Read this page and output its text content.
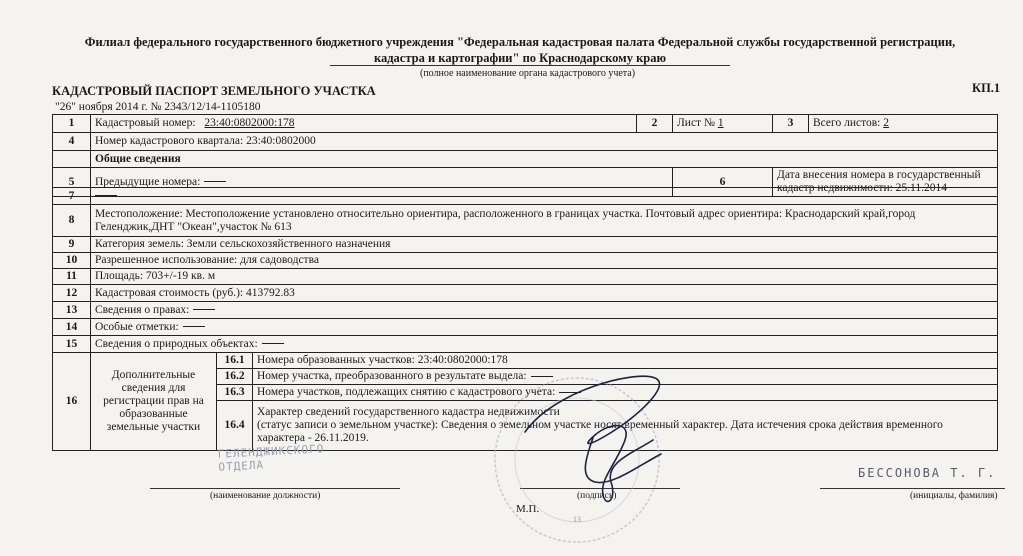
Филиал федерального государственного бюджетного учреждения "Федеральная кадастровая палата Федеральной службы государственной регистрации, кадастра и картографии" по Краснодарскому краю
(полное наименование органа кадастрового учета)
КАДАСТРОВЫЙ ПАСПОРТ ЗЕМЕЛЬНОГО УЧАСТКА	КП.1
"26" ноября 2014 г. № 2343/12/14-1105180
1	Кадастровый номер: 23:40:0802000:178	2	Лист № 1	3	Всего листов: 2
4	Номер кадастрового квартала: 23:40:0802000				
	Общие сведения				
5	Предыдущие номера:		6	Дата внесения номера в государственный кадастр недвижимости: 25.11.2014	
7			
8	Местоположение: Местоположение установлено относительно ориентира, расположенного в границах участка. Почтовый адрес ориентира: Краснодарский край,город Геленджик,ДНТ "Океан",участок № 613		
9	Категория земель: Земли сельскохозяйственного назначения		
10	Разрешенное использование: для садоводства		
11	Площадь: 703+/-19 кв. м		
12	Кадастровая стоимость (руб.): 413792.83		
13	Сведения о правах:		
14	Особые отметки:		
15	Сведения о природных объектах:		
16	Дополнительные сведения для регистрации прав на образованные земельные участки	16.1	Номера образованных участков: 23:40:0802000:178
		16.2	Номер участка, преобразованного в результате выдела:
		16.3	Номера участков, подлежащих снятию с кадастрового учета:
		16.4	Характер сведений государственного кадастра недвижимости
(статус записи о земельном участке): Сведения о земельном участке носят временный характер. Дата истечения срока действия временного характера - 26.11.2019.
ГЕЛЕНДЖИКСКОГО
ОТДЕЛА
(наименование должности)	(подпись)
БЕССОНОВА Т. Г.
(инициалы, фамилия)
М.П.
13
